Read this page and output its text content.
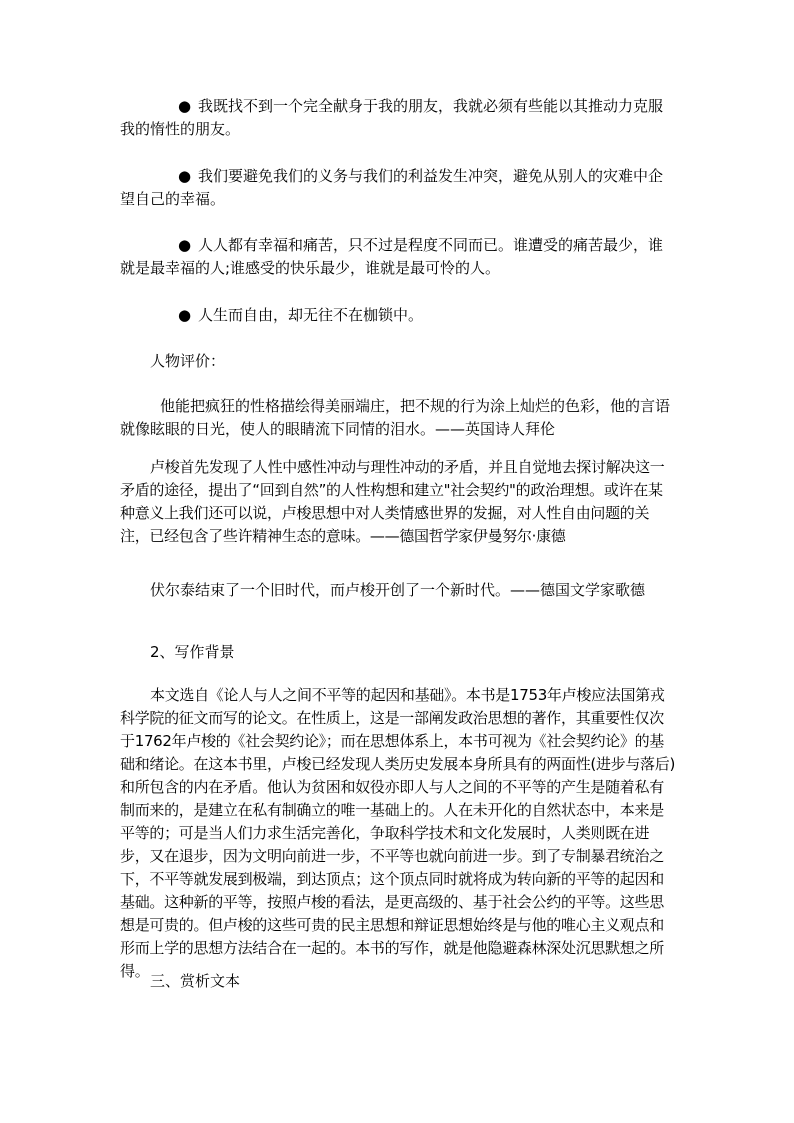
● 我既找不到一个完全献身于我的朋友，我就必须有些能以其推动力克服我的惰性的朋友。
● 我们要避免我们的义务与我们的利益发生冲突，避免从别人的灾难中企望自己的幸福。
● 人人都有幸福和痛苦，只不过是程度不同而已。谁遭受的痛苦最少，谁就是最幸福的人;谁感受的快乐最少，谁就是最可怜的人。
● 人生而自由，却无往不在枷锁中。
人物评价：
他能把疯狂的性格描绘得美丽端庄，把不规的行为涂上灿烂的色彩，他的言语就像眩眼的日光，使人的眼睛流下同情的泪水。——英国诗人拜伦
卢梭首先发现了人性中感性冲动与理性冲动的矛盾，并且自觉地去探讨解决这一矛盾的途径，提出了“回到自然”的人性构想和建立"社会契约"的政治理想。或许在某种意义上我们还可以说，卢梭思想中对人类情感世界的发掘，对人性自由问题的关注，已经包含了些许精神生态的意味。——德国哲学家伊曼努尔·康德
伏尔泰结束了一个旧时代，而卢梭开创了一个新时代。——德国文学家歌德
2、写作背景
本文选自《论人与人之间不平等的起因和基础》。本书是1753年卢梭应法国第戎科学院的征文而写的论文。在性质上，这是一部阐发政治思想的著作，其重要性仅次于1762年卢梭的《社会契约论》；而在思想体系上，本书可视为《社会契约论》的基础和绪论。在这本书里，卢梭已经发现人类历史发展本身所具有的两面性(进步与落后)和所包含的内在矛盾。他认为贫困和奴役亦即人与人之间的不平等的产生是随着私有制而来的，是建立在私有制确立的唯一基础上的。人在未开化的自然状态中，本来是平等的；可是当人们力求生活完善化，争取科学技术和文化发展时，人类则既在进步，又在退步，因为文明向前进一步，不平等也就向前进一步。到了专制暴君统治之下，不平等就发展到极端，到达顶点；这个顶点同时就将成为转向新的平等的起因和基础。这种新的平等，按照卢梭的看法，是更高级的、基于社会公约的平等。这些思想是可贵的。但卢梭的这些可贵的民主思想和辩证思想始终是与他的唯心主义观点和形而上学的思想方法结合在一起的。本书的写作，就是他隐避森林深处沉思默想之所得。
三、赏析文本
